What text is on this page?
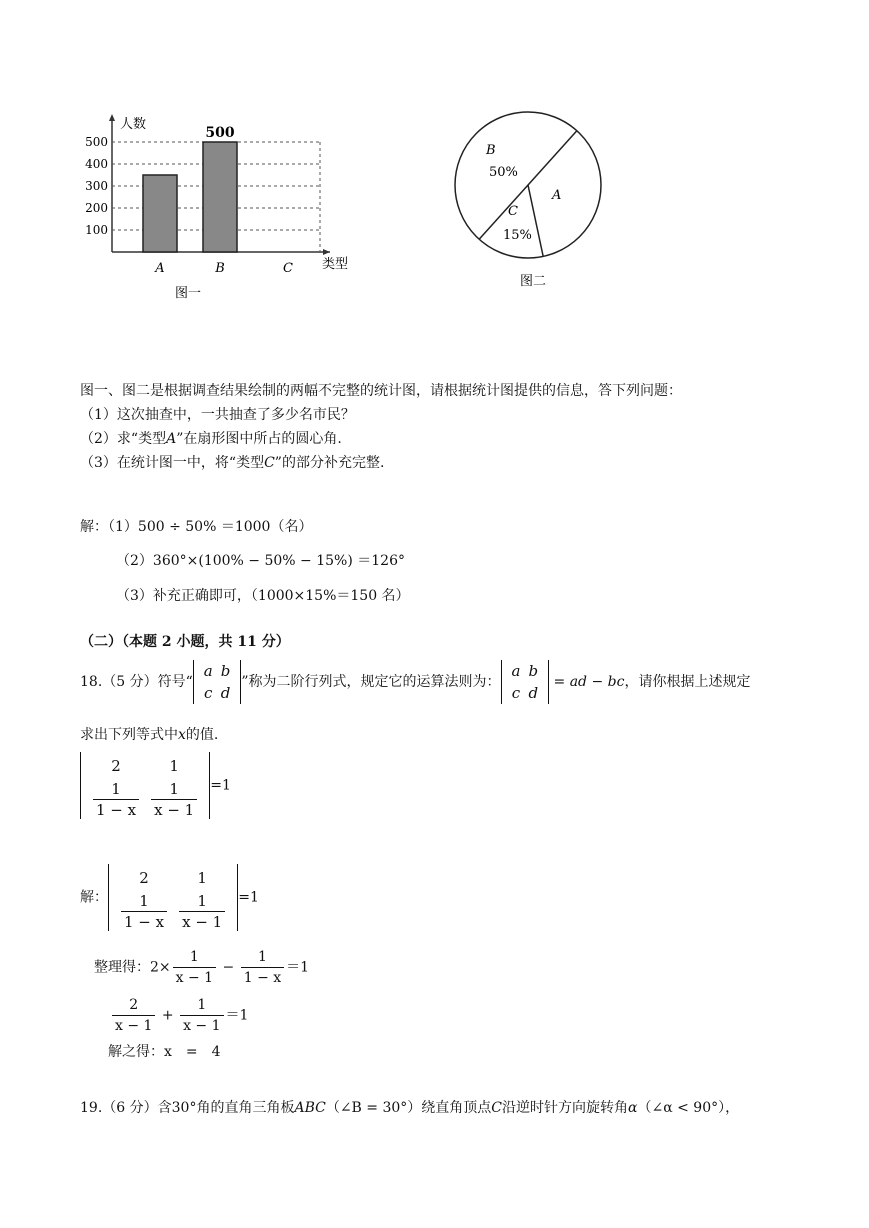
100
200
300
400
500
人数
类型
A	B
500
C
图一
B
50%
A
C
15%
图二
图一、图二是根据调查结果绘制的两幅不完整的统计图，请根据统计图提供的信息，答下列问题：
（1）这次抽查中，一共抽查了多少名市民？
（2）求“类型A”在扇形图中所占的圆心角.
（3）在统计图一中，将“类型C”的部分补充完整.
解：（1）500 ÷ 50% ＝1000（名）
（2）360°×(100% − 50% − 15%) ＝126°
（3）补充正确即可，（1000×15%＝150 名）
（二）（本题 2 小题，共 11 分）
18.（5 分）符号“
a	b
c	d
”称为二阶行列式，规定它的运算法则为：
a	b
c	d
= ad − bc，请你根据上述规定
求出下列等式中x的值.
2	1

$\frac{1}{1 - x}$	$\frac{1}{x - 1} =1$
解：
2	1

$\frac{1}{1 - x}$	$\frac{1}{x - 1} =1$
整理得：$2\times \frac{1}{x - 1} - \frac{1}{1 - x} =1$
$\frac{2}{x - 1} + \frac{1}{x - 1} =1$
解之得：x　=　4
19.（6 分）含30°角的直角三角板ABC（∠B = 30°）绕直角顶点C沿逆时针方向旋转角α（∠α < 90°），
